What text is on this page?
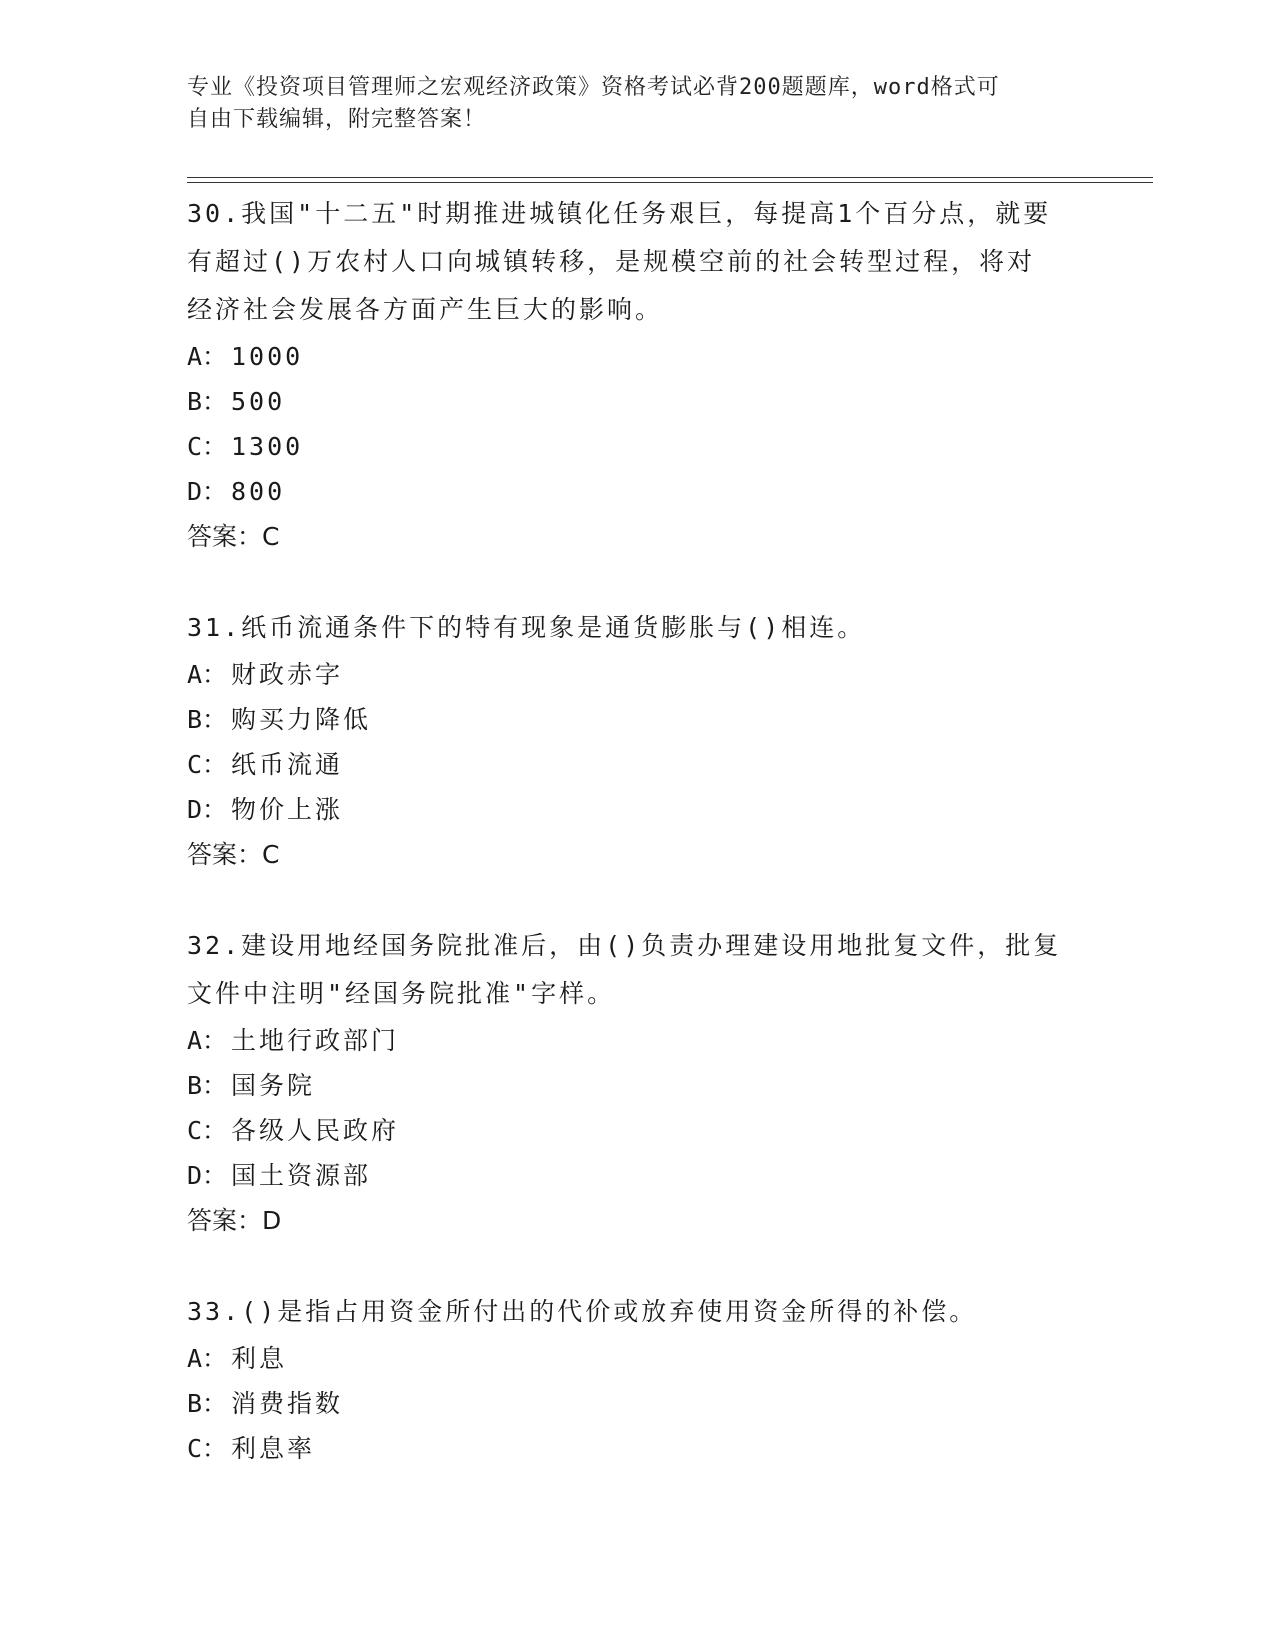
专业《投资项目管理师之宏观经济政策》资格考试必背200题题库，word格式可
自由下载编辑，附完整答案！

30.我国"十二五"时期推进城镇化任务艰巨，每提高1个百分点，就要

有超过()万农村人口向城镇转移，是规模空前的社会转型过程，将对

经济社会发展各方面产生巨大的影响。

A： 1000

B： 500

C： 1300

D： 800

答案：C

31.纸币流通条件下的特有现象是通货膨胀与()相连。

A： 财政赤字

B： 购买力降低

C： 纸币流通

D： 物价上涨

答案：C

32.建设用地经国务院批准后，由()负责办理建设用地批复文件，批复

文件中注明"经国务院批准"字样。

A： 土地行政部门

B： 国务院

C： 各级人民政府

D： 国土资源部

答案：D

33.()是指占用资金所付出的代价或放弃使用资金所得的补偿。

A： 利息

B： 消费指数

C： 利息率
